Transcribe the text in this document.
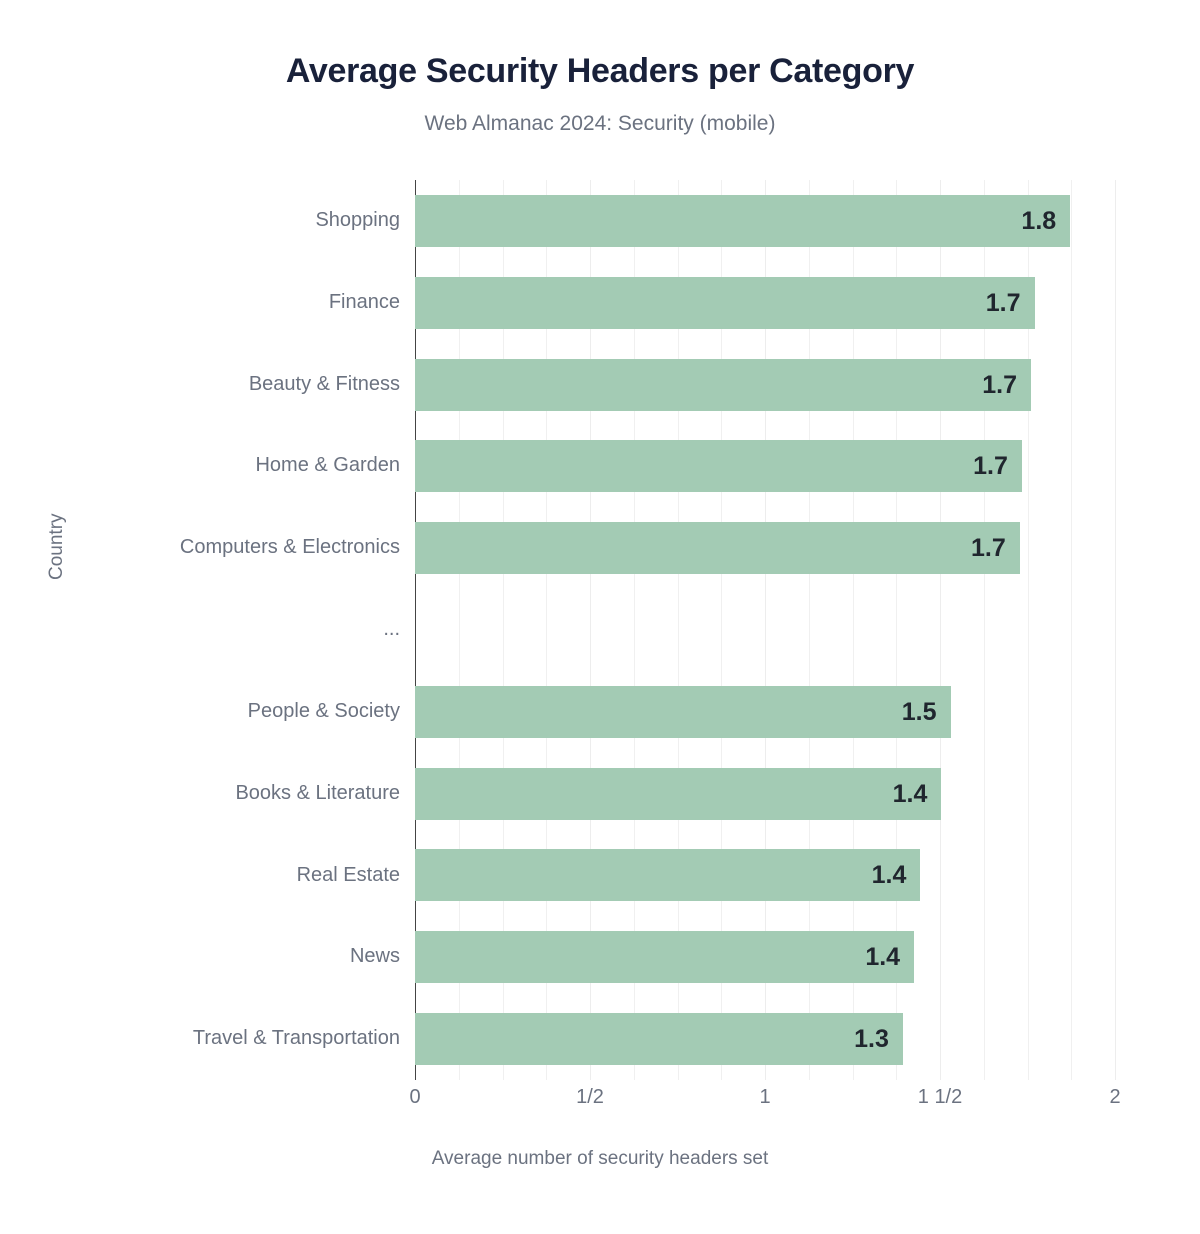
Average Security Headers per Category
Web Almanac 2024: Security (mobile)
Country
Shopping	1.8
Finance	1.7
Beauty & Fitness	1.7
Home & Garden	1.7
Computers & Electronics	1.7
...
People & Society	1.5
Books & Literature	1.4
Real Estate	1.4
News	1.4
Travel & Transportation	1.3
0	1/2	1	1 1/2	2
Average number of security headers set
